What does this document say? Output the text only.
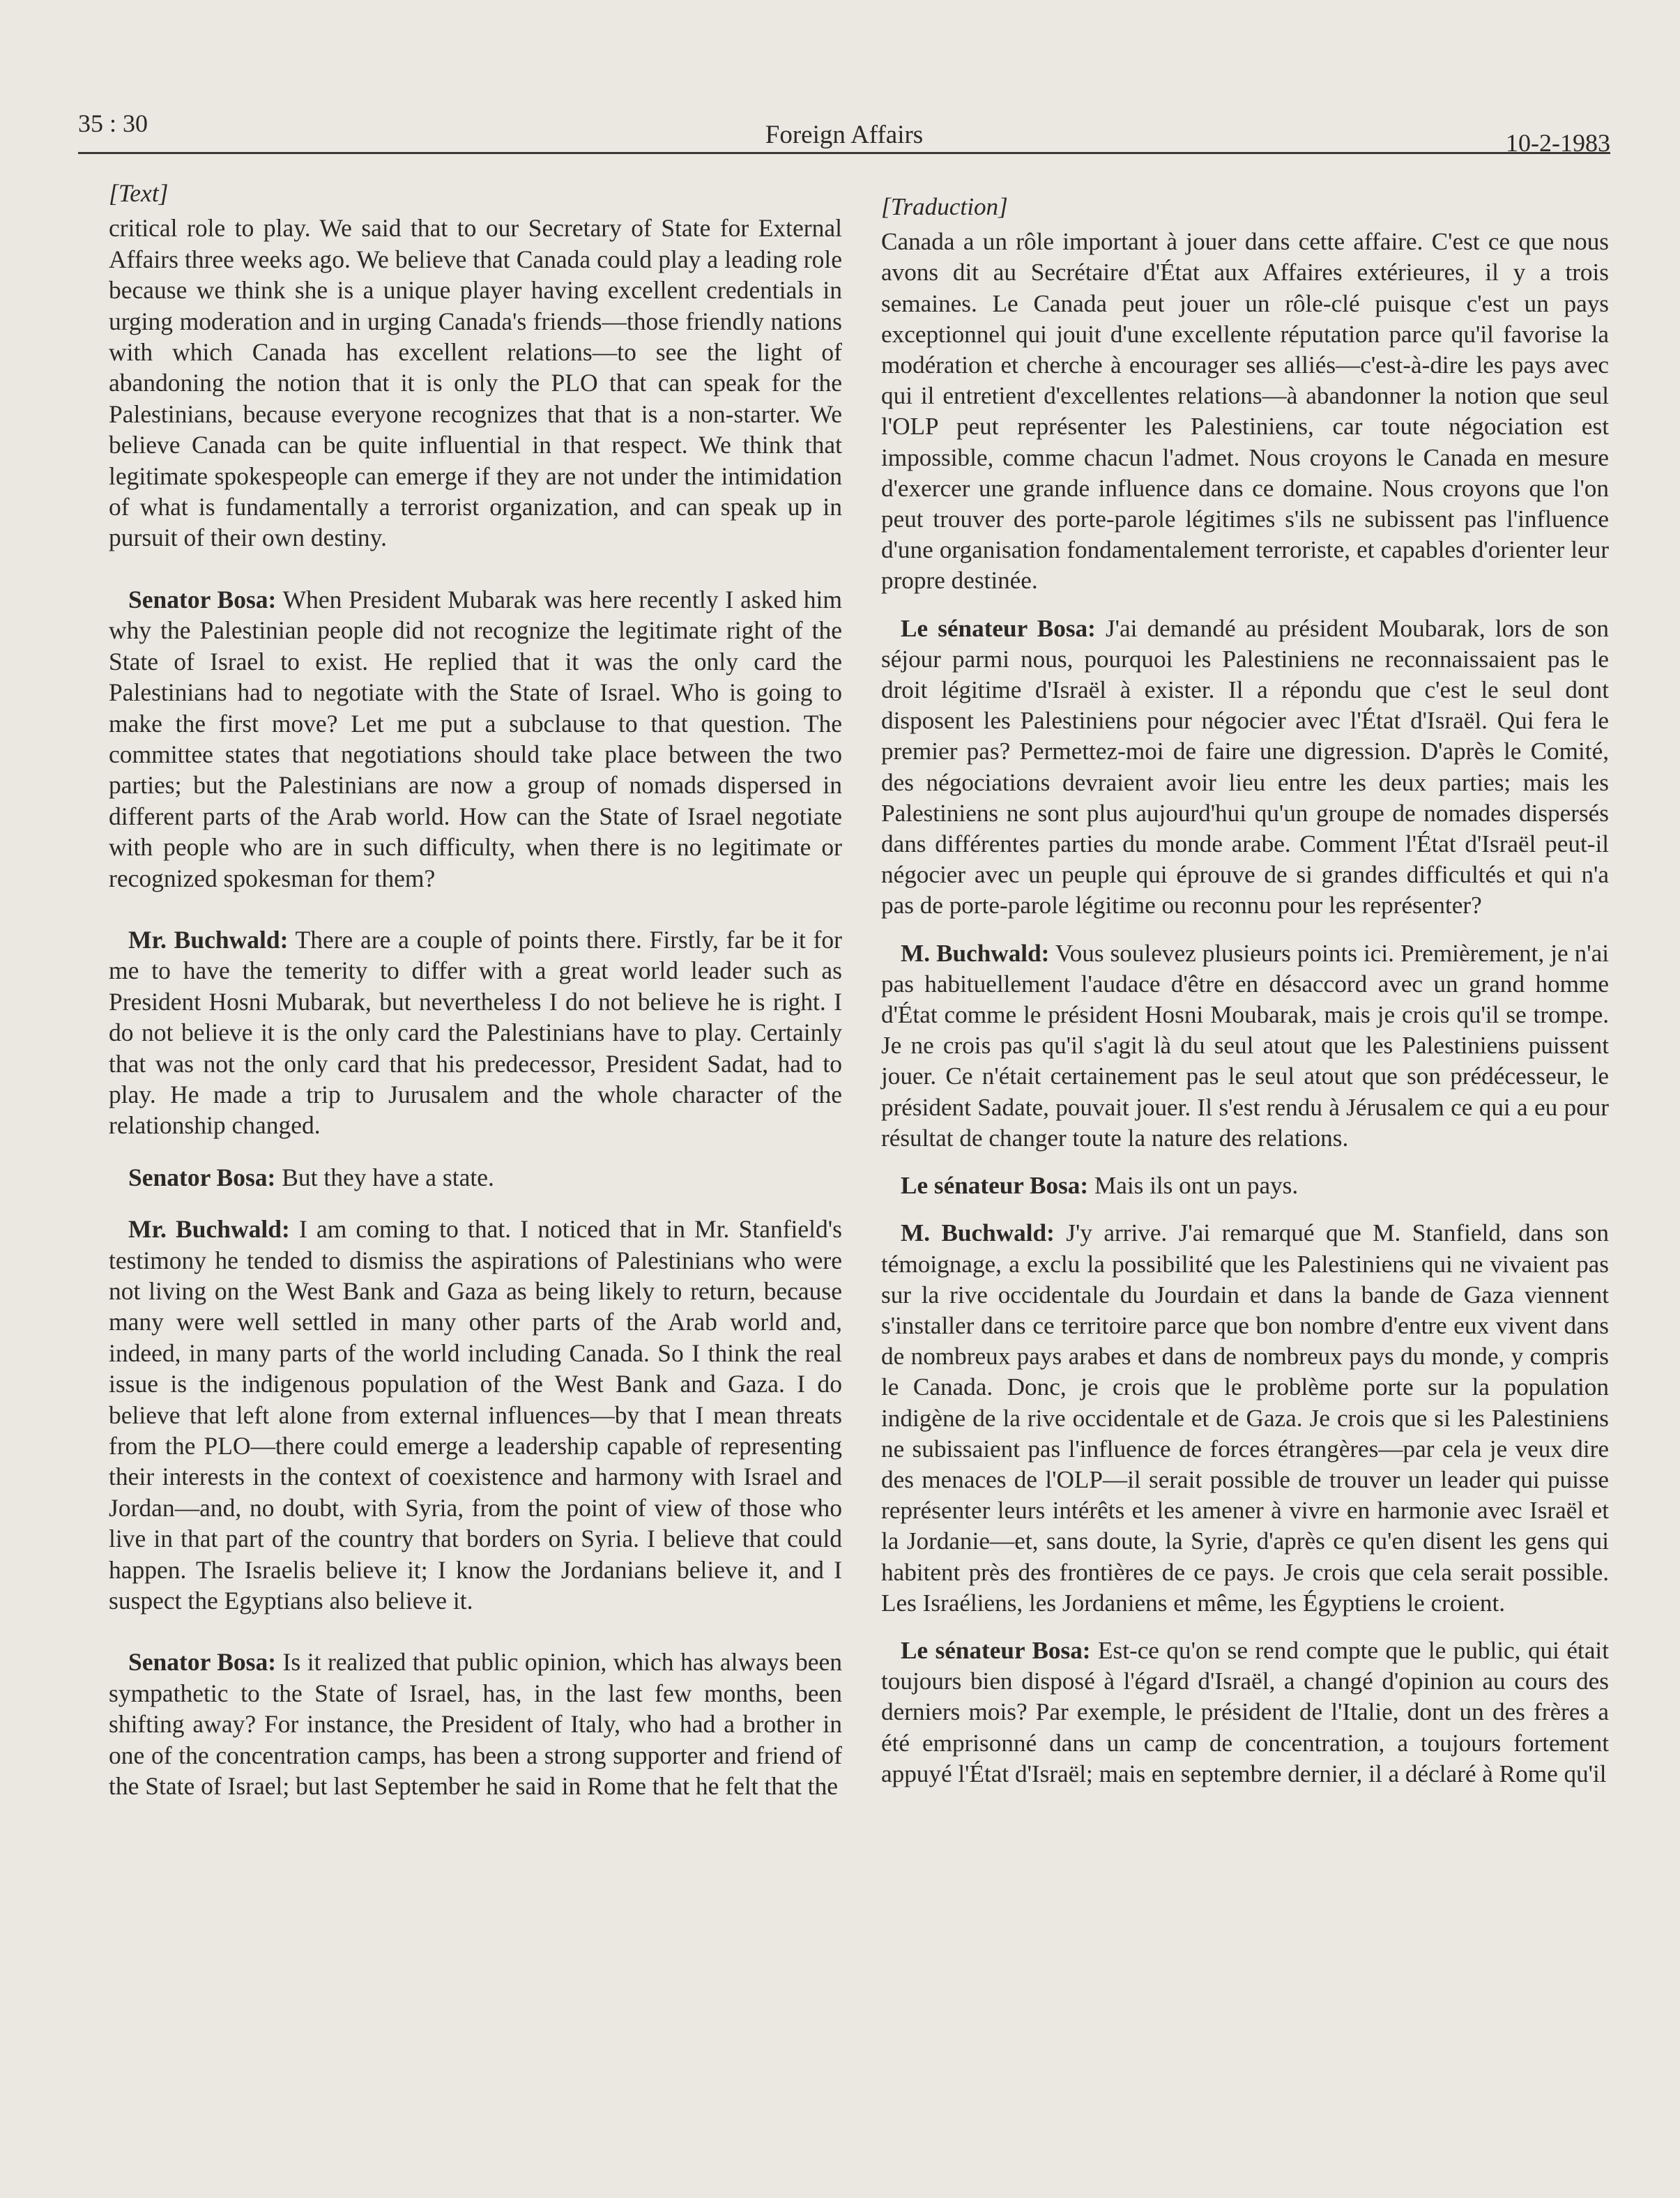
35 : 30	Foreign Affairs	10-2-1983
[Text]

critical role to play. We said that to our Secretary of State for External Affairs three weeks ago. We believe that Canada could play a leading role because we think she is a unique player having excellent credentials in urging moderation and in urging Canada's friends—those friendly nations with which Canada has excellent relations—to see the light of abandoning the notion that it is only the PLO that can speak for the Palestinians, because everyone recognizes that that is a non-starter. We believe Canada can be quite influential in that respect. We think that legitimate spokespeople can emerge if they are not under the intimidation of what is fundamentally a terrorist organization, and can speak up in pursuit of their own destiny.

Senator Bosa: When President Mubarak was here recently I asked him why the Palestinian people did not recognize the legitimate right of the State of Israel to exist. He replied that it was the only card the Palestinians had to negotiate with the State of Israel. Who is going to make the first move? Let me put a subclause to that question. The committee states that negotiations should take place between the two parties; but the Palestinians are now a group of nomads dispersed in different parts of the Arab world. How can the State of Israel negotiate with people who are in such difficulty, when there is no legitimate or recognized spokesman for them?

Mr. Buchwald: There are a couple of points there. Firstly, far be it for me to have the temerity to differ with a great world leader such as President Hosni Mubarak, but nevertheless I do not believe he is right. I do not believe it is the only card the Palestinians have to play. Certainly that was not the only card that his predecessor, President Sadat, had to play. He made a trip to Jurusalem and the whole character of the relationship changed.

Senator Bosa: But they have a state.

Mr. Buchwald: I am coming to that. I noticed that in Mr. Stanfield's testimony he tended to dismiss the aspirations of Palestinians who were not living on the West Bank and Gaza as being likely to return, because many were well settled in many other parts of the Arab world and, indeed, in many parts of the world including Canada. So I think the real issue is the indigenous population of the West Bank and Gaza. I do believe that left alone from external influences—by that I mean threats from the PLO—there could emerge a leadership capable of representing their interests in the context of coexistence and harmony with Israel and Jordan—and, no doubt, with Syria, from the point of view of those who live in that part of the country that borders on Syria. I believe that could happen. The Israelis believe it; I know the Jordanians believe it, and I suspect the Egyptians also believe it.

Senator Bosa: Is it realized that public opinion, which has always been sympathetic to the State of Israel, has, in the last few months, been shifting away? For instance, the President of Italy, who had a brother in one of the concentration camps, has been a strong supporter and friend of the State of Israel; but last September he said in Rome that he felt that the

[Traduction]

Canada a un rôle important à jouer dans cette affaire. C'est ce que nous avons dit au Secrétaire d'État aux Affaires extérieures, il y a trois semaines. Le Canada peut jouer un rôle-clé puisque c'est un pays exceptionnel qui jouit d'une excellente réputation parce qu'il favorise la modération et cherche à encourager ses alliés—c'est-à-dire les pays avec qui il entretient d'excellentes relations—à abandonner la notion que seul l'OLP peut représenter les Palestiniens, car toute négociation est impossible, comme chacun l'admet. Nous croyons le Canada en mesure d'exercer une grande influence dans ce domaine. Nous croyons que l'on peut trouver des porte-parole légitimes s'ils ne subissent pas l'influence d'une organisation fondamentalement terroriste, et capables d'orienter leur propre destinée.

Le sénateur Bosa: J'ai demandé au président Moubarak, lors de son séjour parmi nous, pourquoi les Palestiniens ne reconnaissaient pas le droit légitime d'Israël à exister. Il a répondu que c'est le seul dont disposent les Palestiniens pour négocier avec l'État d'Israël. Qui fera le premier pas? Permettez-moi de faire une digression. D'après le Comité, des négociations devraient avoir lieu entre les deux parties; mais les Palestiniens ne sont plus aujourd'hui qu'un groupe de nomades dispersés dans différentes parties du monde arabe. Comment l'État d'Israël peut-il négocier avec un peuple qui éprouve de si grandes difficultés et qui n'a pas de porte-parole légitime ou reconnu pour les représenter?

M. Buchwald: Vous soulevez plusieurs points ici. Premièrement, je n'ai pas habituellement l'audace d'être en désaccord avec un grand homme d'État comme le président Hosni Moubarak, mais je crois qu'il se trompe. Je ne crois pas qu'il s'agit là du seul atout que les Palestiniens puissent jouer. Ce n'était certainement pas le seul atout que son prédécesseur, le président Sadate, pouvait jouer. Il s'est rendu à Jérusalem ce qui a eu pour résultat de changer toute la nature des relations.

Le sénateur Bosa: Mais ils ont un pays.

M. Buchwald: J'y arrive. J'ai remarqué que M. Stanfield, dans son témoignage, a exclu la possibilité que les Palestiniens qui ne vivaient pas sur la rive occidentale du Jourdain et dans la bande de Gaza viennent s'installer dans ce territoire parce que bon nombre d'entre eux vivent dans de nombreux pays arabes et dans de nombreux pays du monde, y compris le Canada. Donc, je crois que le problème porte sur la population indigène de la rive occidentale et de Gaza. Je crois que si les Palestiniens ne subissaient pas l'influence de forces étrangères—par cela je veux dire des menaces de l'OLP—il serait possible de trouver un leader qui puisse représenter leurs intérêts et les amener à vivre en harmonie avec Israël et la Jordanie—et, sans doute, la Syrie, d'après ce qu'en disent les gens qui habitent près des frontières de ce pays. Je crois que cela serait possible. Les Israéliens, les Jordaniens et même, les Égyptiens le croient.

Le sénateur Bosa: Est-ce qu'on se rend compte que le public, qui était toujours bien disposé à l'égard d'Israël, a changé d'opinion au cours des derniers mois? Par exemple, le président de l'Italie, dont un des frères a été emprisonné dans un camp de concentration, a toujours fortement appuyé l'État d'Israël; mais en septembre dernier, il a déclaré à Rome qu'il
